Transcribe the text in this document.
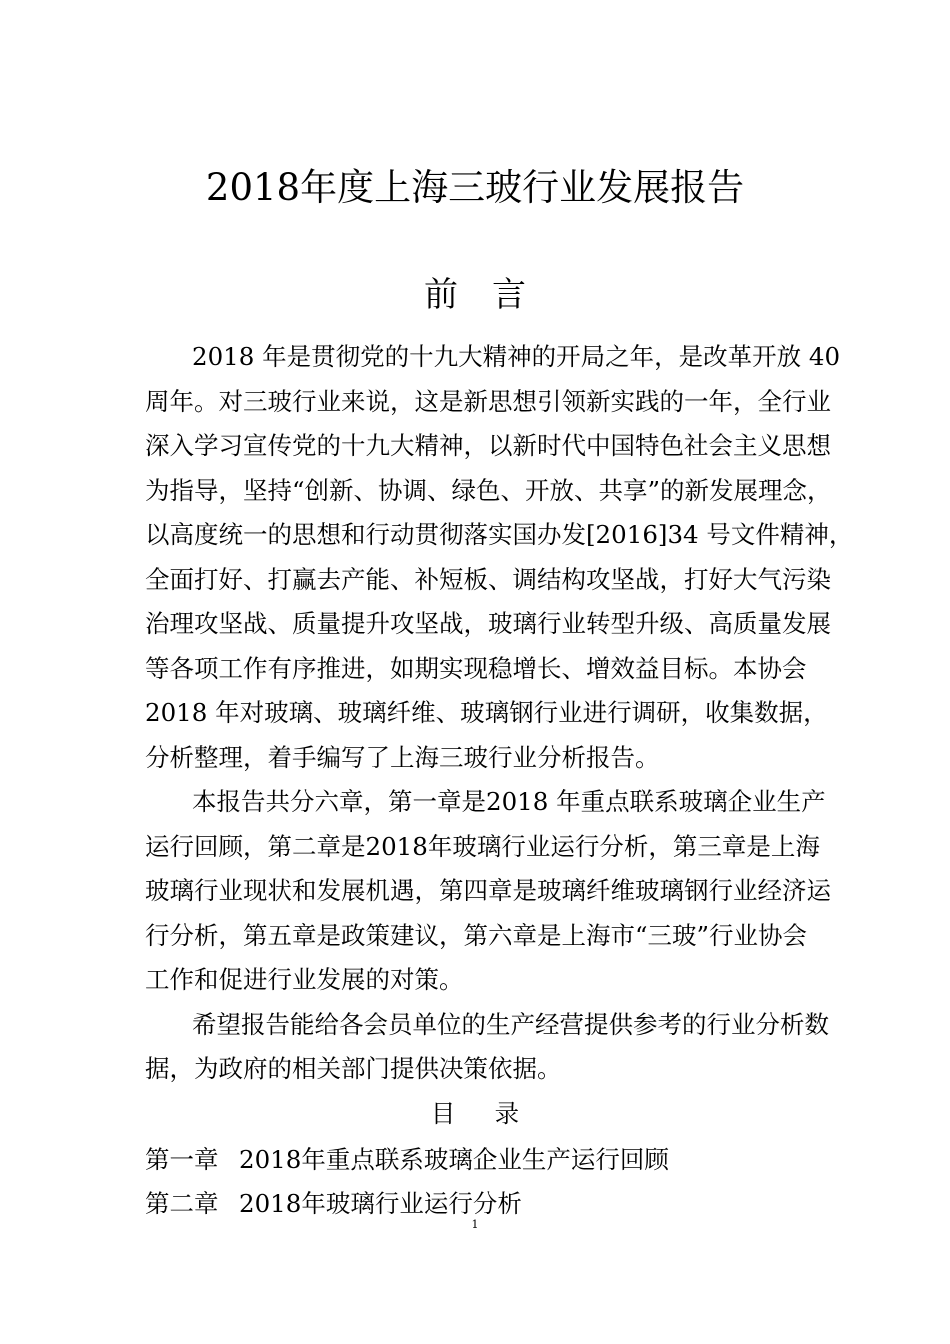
2018年度上海三玻行业发展报告
前言
2018 年是贯彻党的十九大精神的开局之年，是改革开放 40
周年。对三玻行业来说，这是新思想引领新实践的一年，全行业
深入学习宣传党的十九大精神，以新时代中国特色社会主义思想
为指导，坚持“创新、协调、绿色、开放、共享”的新发展理念，
以高度统一的思想和行动贯彻落实国办发[2016]34 号文件精神，
全面打好、打赢去产能、补短板、调结构攻坚战，打好大气污染
治理攻坚战、质量提升攻坚战，玻璃行业转型升级、高质量发展
等各项工作有序推进，如期实现稳增长、增效益目标。本协会
2018 年对玻璃、玻璃纤维、玻璃钢行业进行调研，收集数据，
分析整理，着手编写了上海三玻行业分析报告。
本报告共分六章，第一章是2018 年重点联系玻璃企业生产
运行回顾，第二章是2018年玻璃行业运行分析，第三章是上海
玻璃行业现状和发展机遇，第四章是玻璃纤维玻璃钢行业经济运
行分析，第五章是政策建议，第六章是上海市“三玻”行业协会
工作和促进行业发展的对策。
希望报告能给各会员单位的生产经营提供参考的行业分析数
据，为政府的相关部门提供决策依据。
目录
第一章 2018年重点联系玻璃企业生产运行回顾
第二章 2018年玻璃行业运行分析
1
